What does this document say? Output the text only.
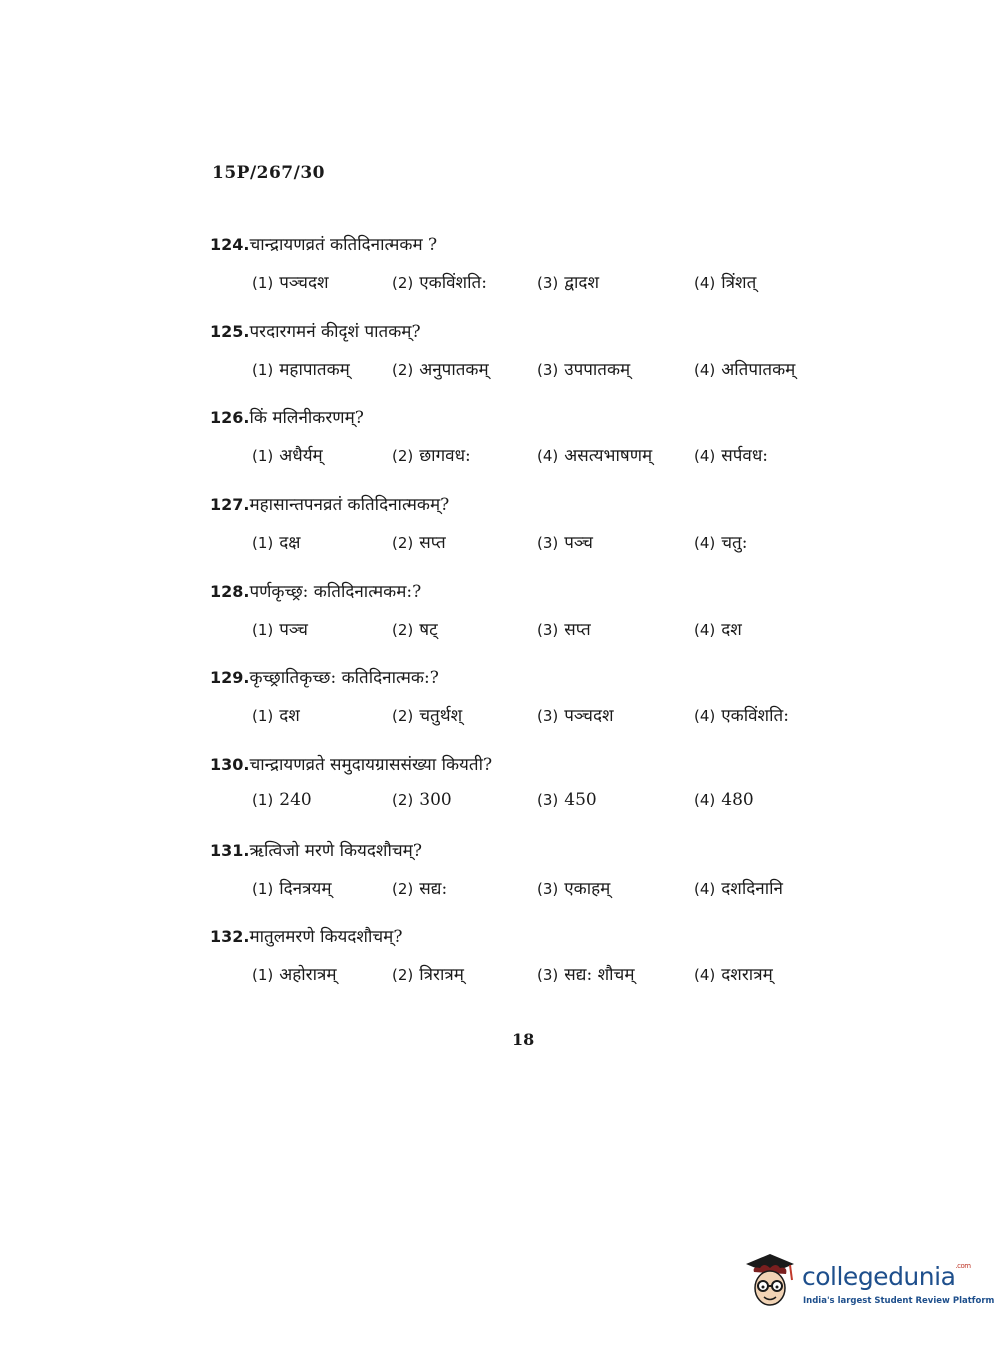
15P/267/30
124.चान्द्रायणव्रतं कतिदिनात्मकम ?
(1) पञ्चदश	(2) एकविंशति:	(3) द्वादश	(4) त्रिंशत्
125.परदारगमनं कीदृशं पातकम्?
(1) महापातकम्	(2) अनुपातकम्	(3) उपपातकम्	(4) अतिपातकम्
126.किं मलिनीकरणम्?
(1) अधैर्यम्	(2) छागवध:	(4) असत्यभाषणम्	(4) सर्पवध:
127.महासान्तपनव्रतं कतिदिनात्मकम्?
(1) दक्ष	(2) सप्त	(3) पञ्च	(4) चतु:
128.पर्णकृच्छ्र: कतिदिनात्मकम:?
(1) पञ्च	(2) षट्	(3) सप्त	(4) दश
129.कृच्छ्रातिकृच्छ: कतिदिनात्मक:?
(1) दश	(2) चतुर्थश्	(3) पञ्चदश	(4) एकविंशति:
130.चान्द्रायणव्रते समुदायग्राससंख्या कियती?
(1) 240	(2) 300	(3) 450	(4) 480
131.ऋत्विजो मरणे कियदशौचम्?
(1) दिनत्रयम्	(2) सद्य:	(3) एकाहम्	(4) दशदिनानि
132.मातुलमरणे कियदशौचम्?
(1) अहोरात्रम्	(2) त्रिरात्रम्	(3) सद्य: शौचम्	(4) दशरात्रम्
18
collegedunia$^{.com}$
India's largest Student Review Platform
